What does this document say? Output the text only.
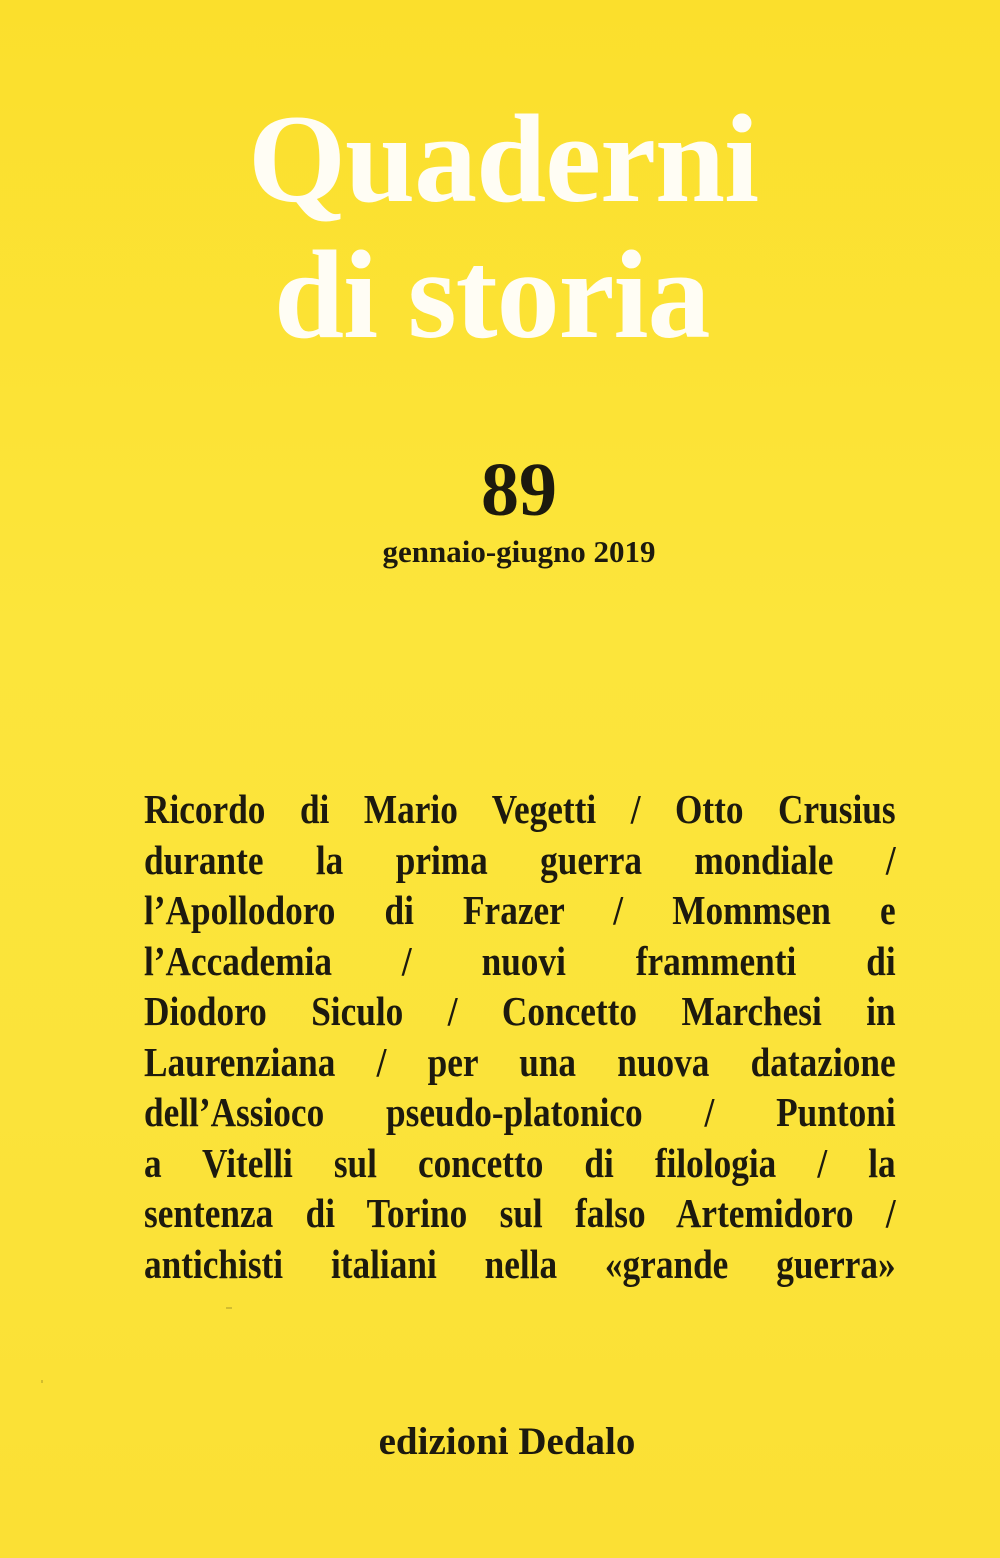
Quaderni
di storia
89
gennaio-giugno 2019
Ricordo di Mario Vegetti / Otto Crusius
durante la prima guerra mondiale /
l’Apollodoro di Frazer / Mommsen e
l’Accademia / nuovi frammenti di
Diodoro Siculo / Concetto Marchesi in
Laurenziana / per una nuova datazione
dell’Assioco pseudo-platonico / Puntoni
a Vitelli sul concetto di filologia / la
sentenza di Torino sul falso Artemidoro /
antichisti italiani nella «grande guerra»
edizioni Dedalo
